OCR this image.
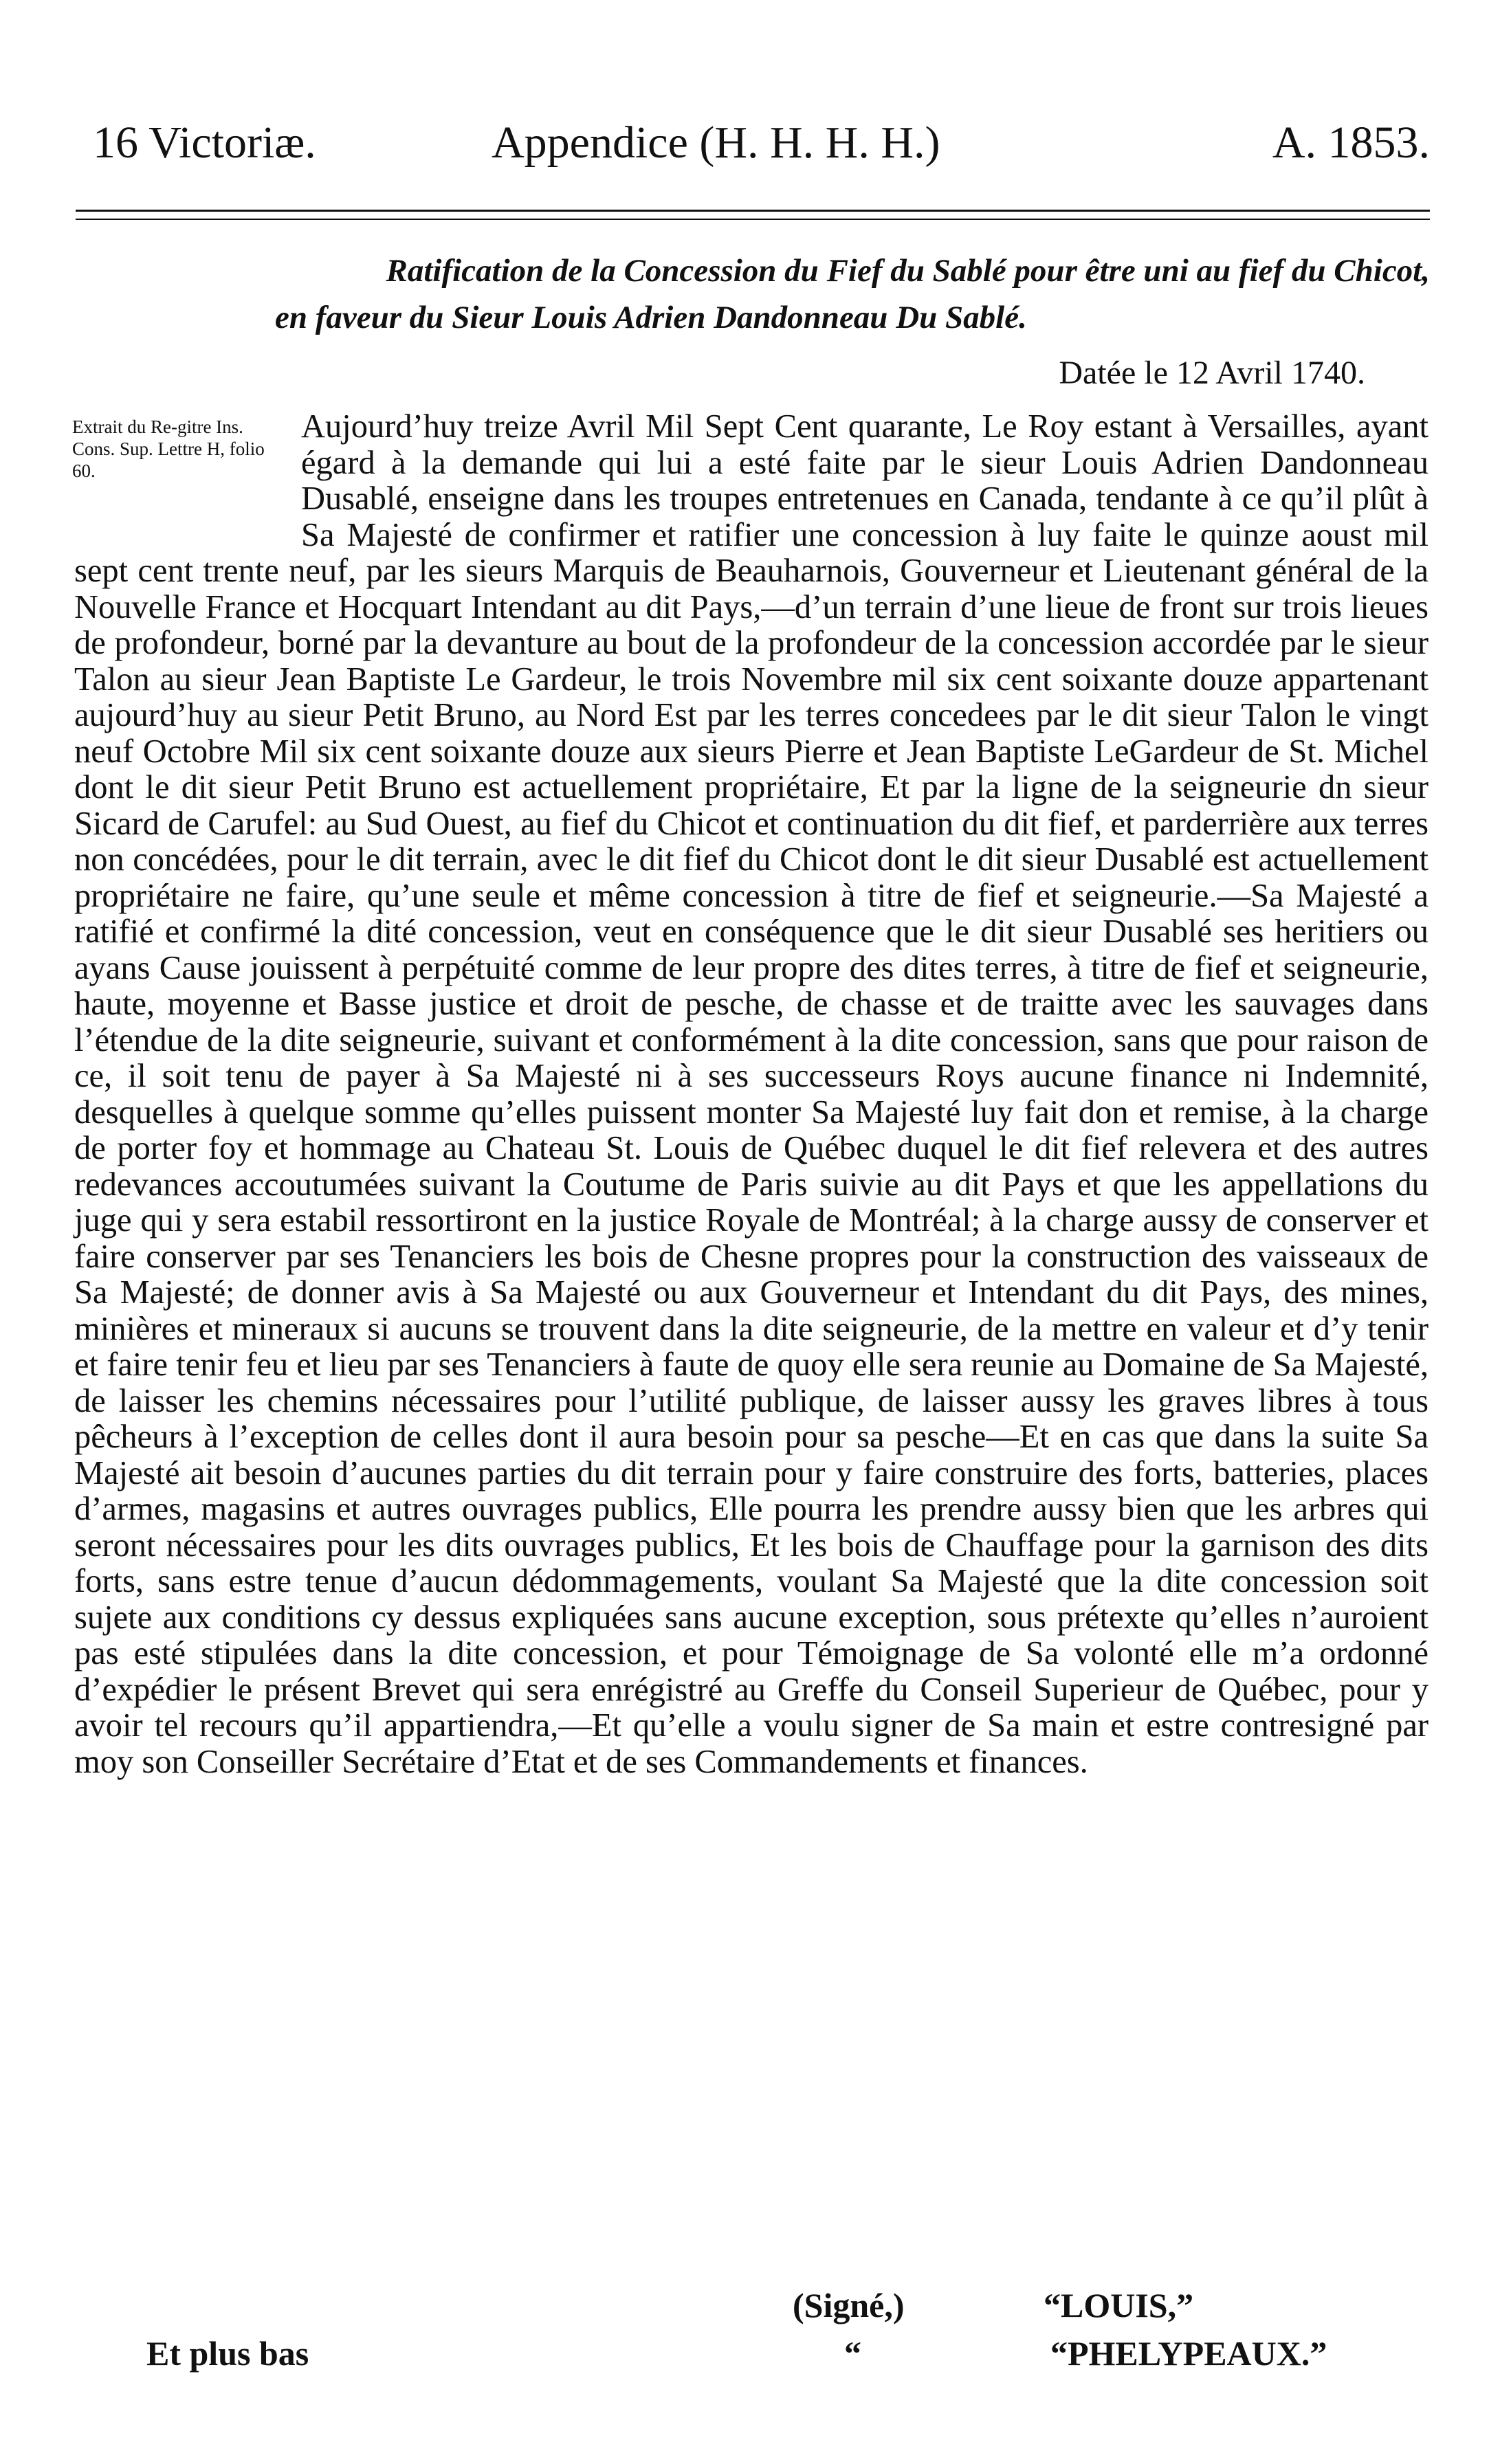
16 Victoriæ.	Appendice (H. H. H. H.)	A. 1853.
Ratification de la Concession du Fief du Sablé pour être uni au fief du Chicot,
en faveur du Sieur Louis Adrien Dandonneau Du Sablé.
Datée le 12 Avril 1740.
Extrait du Re-gitre Ins. Cons. Sup. Lettre H, folio 60.

Aujourd’huy treize Avril Mil Sept Cent quarante, Le Roy estant à Versailles, ayant égard à la demande qui lui a esté faite par le sieur Louis Adrien Dandonneau Dusablé, enseigne dans les troupes entretenues en Canada, tendante à ce qu’il plût à Sa Majesté de confirmer et ratifier une concession à luy faite le quinze aoust mil sept cent trente neuf, par les sieurs Marquis de Beauharnois, Gouverneur et Lieutenant général de la Nouvelle France et Hocquart Intendant au dit Pays,—d’un terrain d’une lieue de front sur trois lieues de profondeur, borné par la devanture au bout de la profondeur de la concession accordée par le sieur Talon au sieur Jean Baptiste Le Gardeur, le trois Novembre mil six cent soixante douze appartenant aujourd’huy au sieur Petit Bruno, au Nord Est par les terres concedees par le dit sieur Talon le vingt neuf Octobre Mil six cent soixante douze aux sieurs Pierre et Jean Baptiste LeGardeur de St. Michel dont le dit sieur Petit Bruno est actuellement propriétaire, Et par la ligne de la seigneurie dn sieur Sicard de Carufel: au Sud Ouest, au fief du Chicot et continuation du dit fief, et parderrière aux terres non concédées, pour le dit terrain, avec le dit fief du Chicot dont le dit sieur Dusablé est actuellement propriétaire ne faire, qu’une seule et même concession à titre de fief et seigneurie.—Sa Majesté a ratifié et confirmé la dité concession, veut en conséquence que le dit sieur Dusablé ses heritiers ou ayans Cause jouissent à perpétuité comme de leur propre des dites terres, à titre de fief et seigneurie, haute, moyenne et Basse justice et droit de pesche, de chasse et de traitte avec les sauvages dans l’étendue de la dite seigneurie, suivant et conformément à la dite concession, sans que pour raison de ce, il soit tenu de payer à Sa Majesté ni à ses successeurs Roys aucune finance ni Indemnité, desquelles à quelque somme qu’elles puissent monter Sa Majesté luy fait don et remise, à la charge de porter foy et hommage au Chateau St. Louis de Québec duquel le dit fief relevera et des autres redevances accoutumées suivant la Coutume de Paris suivie au dit Pays et que les appellations du juge qui y sera estabil ressortiront en la justice Royale de Montréal; à la charge aussy de conserver et faire conserver par ses Tenanciers les bois de Chesne propres pour la construction des vaisseaux de Sa Majesté; de donner avis à Sa Majesté ou aux Gouverneur et Intendant du dit Pays, des mines, minières et mineraux si aucuns se trouvent dans la dite seigneurie, de la mettre en valeur et d’y tenir et faire tenir feu et lieu par ses Tenanciers à faute de quoy elle sera reunie au Domaine de Sa Majesté, de laisser les chemins nécessaires pour l’utilité publique, de laisser aussy les graves libres à tous pêcheurs à l’exception de celles dont il aura besoin pour sa pesche—Et en cas que dans la suite Sa Majesté ait besoin d’aucunes parties du dit terrain pour y faire construire des forts, batteries, places d’armes, magasins et autres ouvrages publics, Elle pourra les prendre aussy bien que les arbres qui seront nécessaires pour les dits ouvrages publics, Et les bois de Chauffage pour la garnison des dits forts, sans estre tenue d’aucun dédommagements, voulant Sa Majesté que la dite concession soit sujete aux conditions cy dessus expliquées sans aucune exception, sous prétexte qu’elles n’auroient pas esté stipulées dans la dite concession, et pour Témoignage de Sa volonté elle m’a ordonné d’expédier le présent Brevet qui sera enrégistré au Greffe du Conseil Superieur de Québec, pour y avoir tel recours qu’il appartiendra,—Et qu’elle a voulu signer de Sa main et estre contresigné par moy son Conseiller Secrétaire d’Etat et de ses Commandements et finances.

(Signé,)	“LOUIS,”
Et plus bas	“	“PHELYPEAUX.”
